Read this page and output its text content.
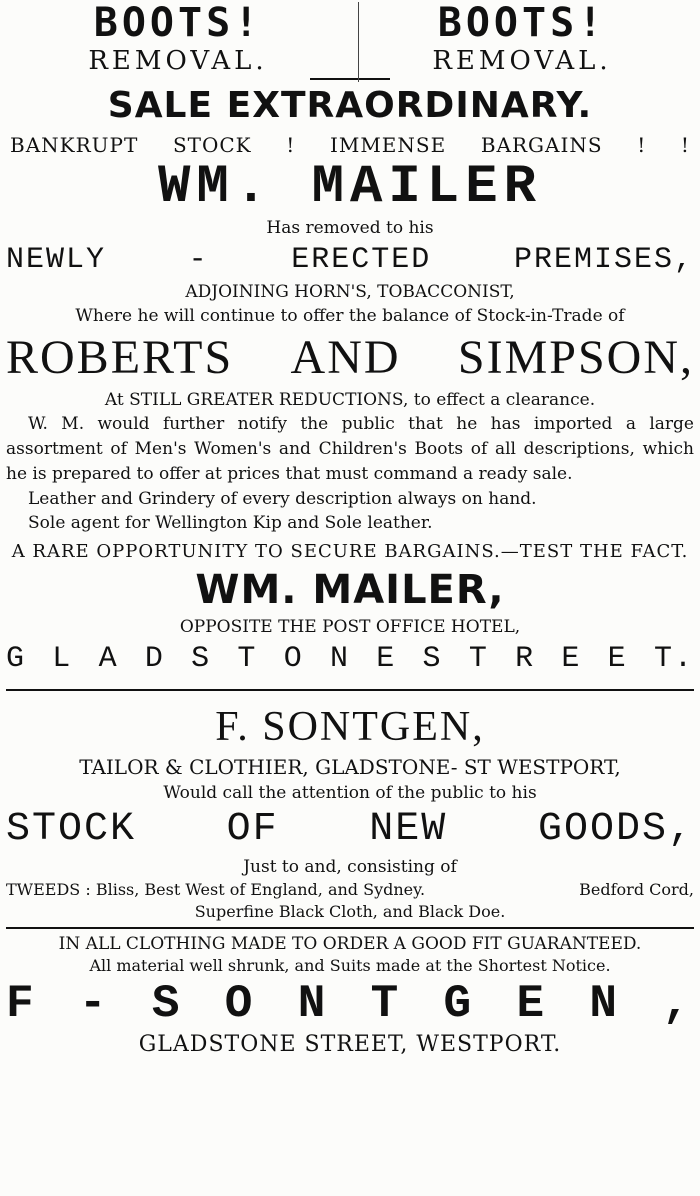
BOOTS!	BOOTS!
REMOVAL.	REMOVAL.
SALE EXTRAORDINARY.
BANKRUPT STOCK ! IMMENSE BARGAINS ! !
WM. MAILER
Has removed to his
NEWLY	-	ERECTED	PREMISES,
ADJOINING HORN'S, TOBACCONIST,
Where he will continue to offer the balance of Stock-in-Trade of
ROBERTS AND SIMPSON,
At STILL GREATER REDUCTIONS, to effect a clearance.
W. M. would further notify the public that he has imported a large assortment of Men's Women's and Children's Boots of all descriptions, which he is prepared to offer at prices that must command a ready sale.
Leather and Grindery of every description always on hand.
Sole agent for Wellington Kip and Sole leather.
A RARE OPPORTUNITY TO SECURE BARGAINS.—TEST THE FACT.
WM. MAILER,
OPPOSITE THE POST OFFICE HOTEL,
G L A D S T O N E S T R E E T.
F. SONTGEN,
TAILOR & CLOTHIER, GLADSTONE- ST WESTPORT,
Would call the attention of the public to his
STOCK OF NEW GOODS,
Just to and, consisting of
TWEEDS : Bliss, Best West of England, and Sydney.	Bedford Cord,
Superfine Black Cloth, and Black Doe.
IN ALL CLOTHING MADE TO ORDER A GOOD FIT GUARANTEED.
All material well shrunk, and Suits made at the Shortest Notice.
F - S O N T G E N ,
GLADSTONE STREET, WESTPORT.
